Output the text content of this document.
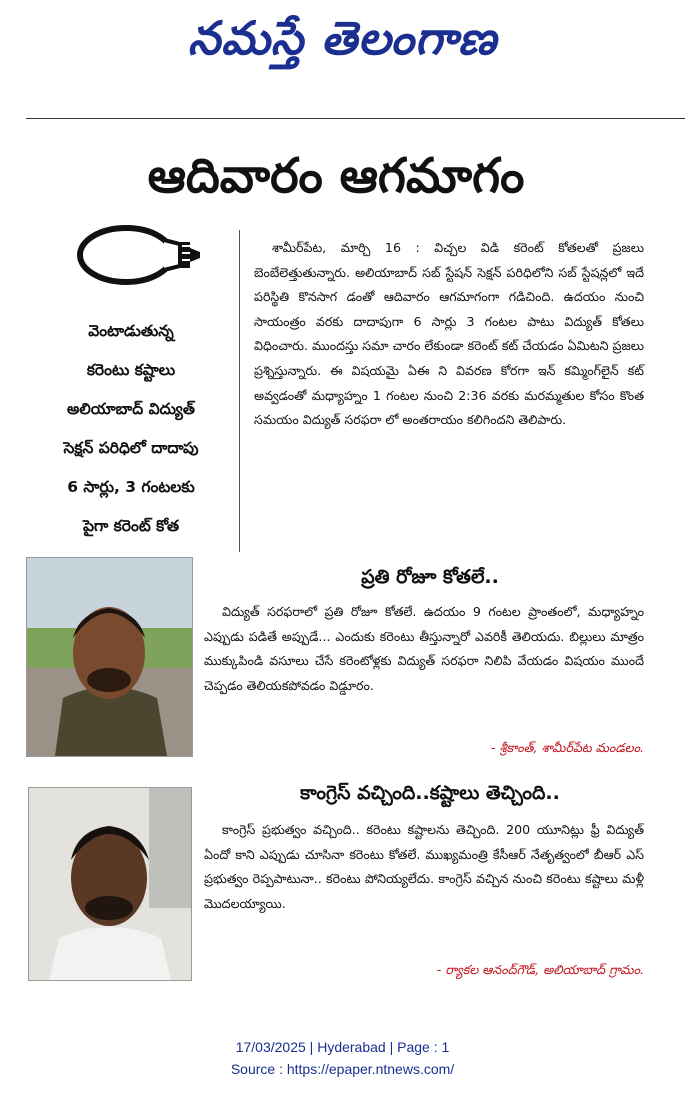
నమస్తే తెలంగాణ
ఆదివారం ఆగమాగం
వెంటాడుతున్న
కరెంటు కష్టాలు
అలియాబాద్ విద్యుత్
సెక్షన్ పరిధిలో దాదాపు
6 సార్లు, 3 గంటలకు
పైగా కరెంట్ కోత
శామీర్‌పేట, మార్చి 16 : విచ్చల విడి కరెంట్ కోతలతో ప్రజలు బెంబేలెత్తుతున్నారు. అలియాబాద్ సబ్ స్టేషన్ సెక్షన్ పరిధిలోని సబ్ స్టేషన్లలో ఇదే పరిస్థితి కొనసాగ డంతో ఆదివారం ఆగమాగంగా గడిచింది. ఉదయం నుంచి సాయంత్రం వరకు దాదాపుగా 6 సార్లు 3 గంటల పాటు విద్యుత్ కోతలు విధించారు. ముందస్తు సమా చారం లేకుండా కరెంట్ కట్ చేయడం ఏమిటని ప్రజలు ప్రశ్నిస్తున్నారు. ఈ విషయమై ఏఈ ని వివరణ కోరగా ఇన్ కమ్మింగ్‌లైన్ కట్ అవ్వడంతో మధ్యాహ్నం 1 గంటల నుంచి 2:36 వరకు మరమ్మతుల కోసం కొంత సమయం విద్యుత్ సరఫరా లో అంతరాయం కలిగిందని తెలిపారు.
ప్రతి రోజూ కోతలే..
విద్యుత్ సరఫరాలో ప్రతి రోజూ కోతలే. ఉదయం 9 గంటల ప్రాంతంలో, మధ్యాహ్నం ఎప్పుడు పడితే అప్పుడే... ఎందుకు కరెంటు తీస్తున్నారో ఎవరికీ తెలియదు. బిల్లులు మాత్రం ముక్కుపిండి వసూలు చేసే కరెంటోళ్లకు విద్యుత్ సరఫరా నిలిపి వేయడం విషయం ముందే చెప్పడం తెలియకపోవడం విడ్డూరం.
- శ్రీకాంత్, శామీర్‌పేట మండలం.
కాంగ్రెస్ వచ్చింది..కష్టాలు తెచ్చింది..
కాంగ్రెస్ ప్రభుత్వం వచ్చింది.. కరెంటు కష్టాలను తెచ్చింది. 200 యూనిట్లు ఫ్రీ విద్యుత్ ఏందో కాని ఎప్పుడు చూసినా కరెంటు కోతలే. ముఖ్యమంత్రి కేసీఆర్ నేతృత్వంలో బీఆర్ ఎస్ ప్రభుత్వం రెప్పపాటునా.. కరెంటు పోనియ్యలేదు. కాంగ్రెస్ వచ్చిన నుంచి కరెంటు కష్టాలు మళ్లీ మొదలయ్యాయి.
- ర్యాకల ఆనంద్‌గౌడ్, అలియాబాద్ గ్రామం.
17/03/2025 | Hyderabad | Page : 1
Source : https://epaper.ntnews.com/
